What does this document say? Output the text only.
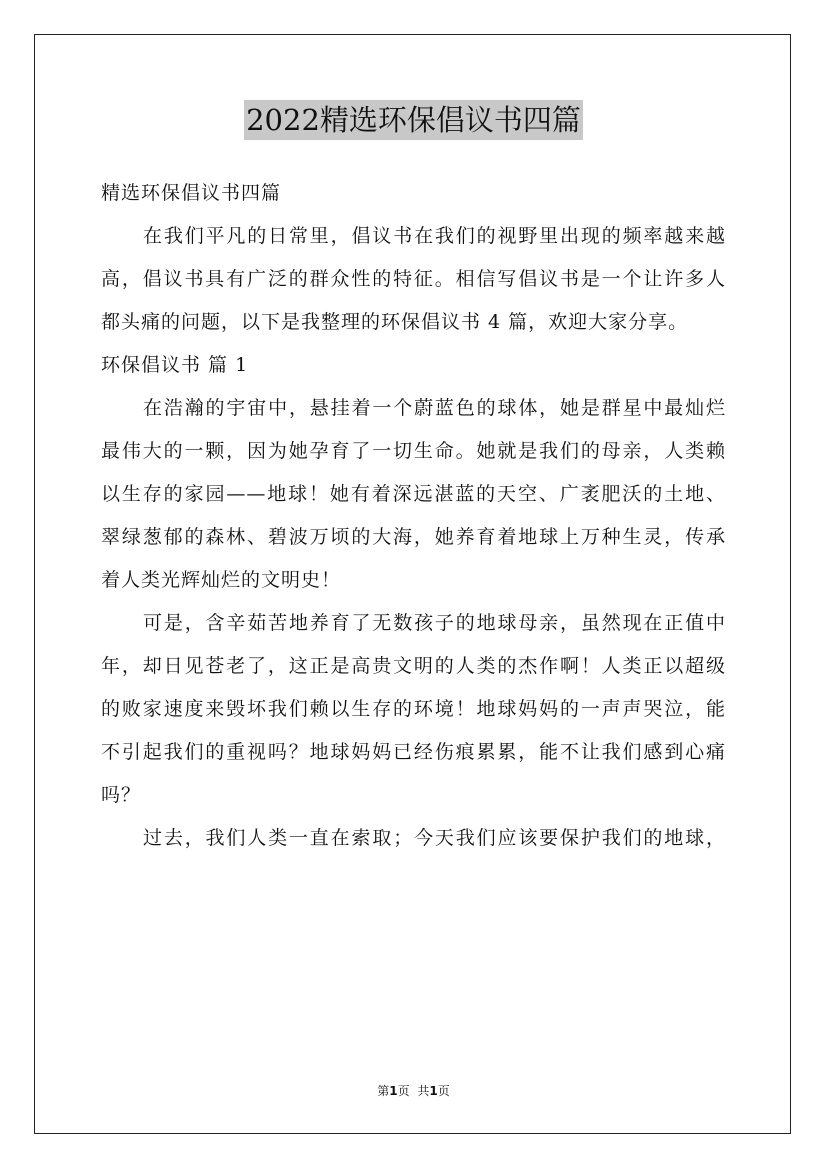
2022精选环保倡议书四篇
精选环保倡议书四篇
在我们平凡的日常里，倡议书在我们的视野里出现的频率越来越
高，倡议书具有广泛的群众性的特征。相信写倡议书是一个让许多人
都头痛的问题，以下是我整理的环保倡议书 4 篇，欢迎大家分享。
环保倡议书 篇 1
在浩瀚的宇宙中，悬挂着一个蔚蓝色的球体，她是群星中最灿烂
最伟大的一颗，因为她孕育了一切生命。她就是我们的母亲，人类赖
以生存的家园——地球！她有着深远湛蓝的天空、广袤肥沃的土地、
翠绿葱郁的森林、碧波万顷的大海，她养育着地球上万种生灵，传承
着人类光辉灿烂的文明史！
可是，含辛茹苦地养育了无数孩子的地球母亲，虽然现在正值中
年，却日见苍老了，这正是高贵文明的人类的杰作啊！人类正以超级
的败家速度来毁坏我们赖以生存的环境！地球妈妈的一声声哭泣，能
不引起我们的重视吗？地球妈妈已经伤痕累累，能不让我们感到心痛
吗？
过去，我们人类一直在索取；今天我们应该要保护我们的地球，
第1页 共1页
